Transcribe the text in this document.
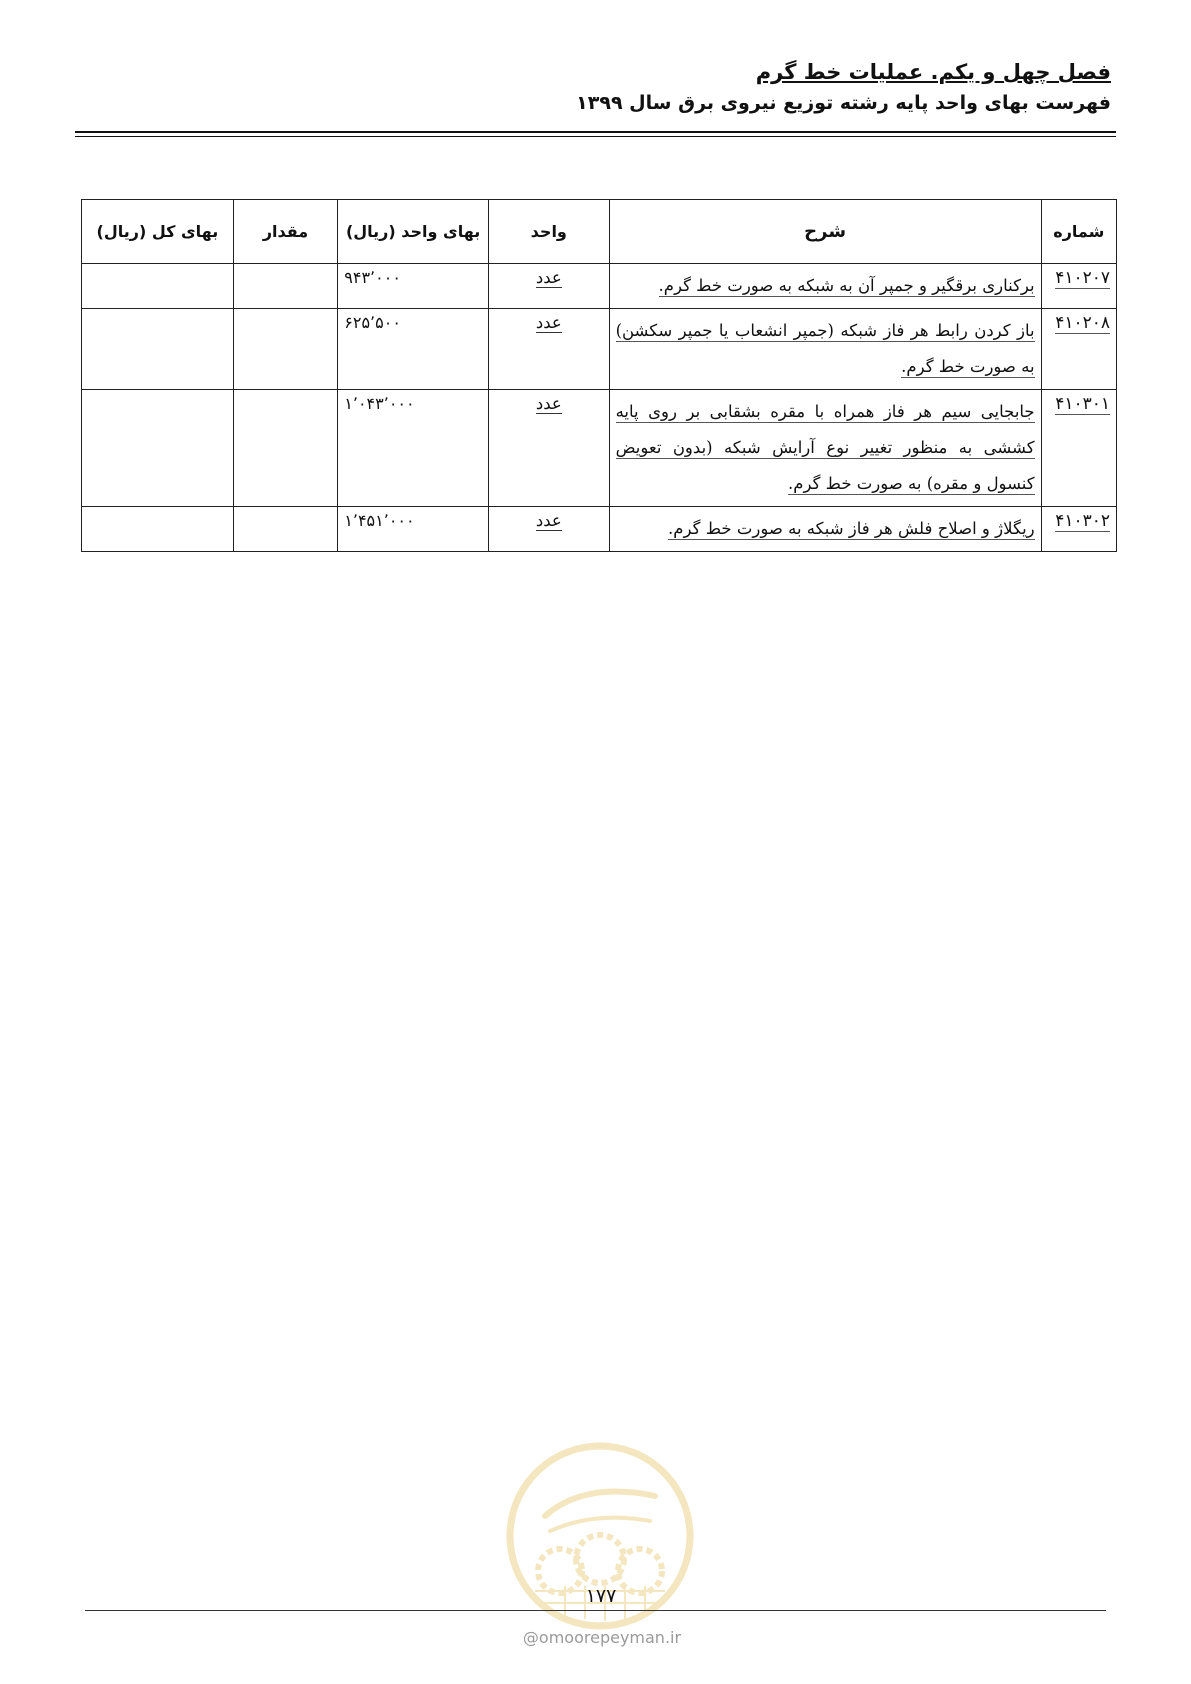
فصل چهل و یکم. عملیات خط گرم
فهرست بهای واحد پایه رشته توزیع نیروی برق سال ۱۳۹۹
شماره	شرح	واحد	بهای واحد (ریال)	مقدار	بهای کل (ریال)
۴۱۰۲۰۷	برکناری برقگیر و جمپر آن به شبکه به صورت خط گرم.	عدد	۹۴۳٬۰۰۰		
۴۱۰۲۰۸	باز کردن رابط هر فاز شبکه (جمپر انشعاب یا جمپر سکشن) به صورت خط گرم.	عدد	۶۲۵٬۵۰۰		
۴۱۰۳۰۱	جابجایی سیم هر فاز همراه با مقره بشقابی بر روی پایه کششی به منظور تغییر نوع آرایش شبکه (بدون تعویض کنسول و مقره) به صورت خط گرم.	عدد	۱٬۰۴۳٬۰۰۰		
۴۱۰۳۰۲	ریگلاژ و اصلاح فلش هر فاز شبکه به صورت خط گرم.	عدد	۱٬۴۵۱٬۰۰۰		
۱۷۷
@omoorepeyman.ir
